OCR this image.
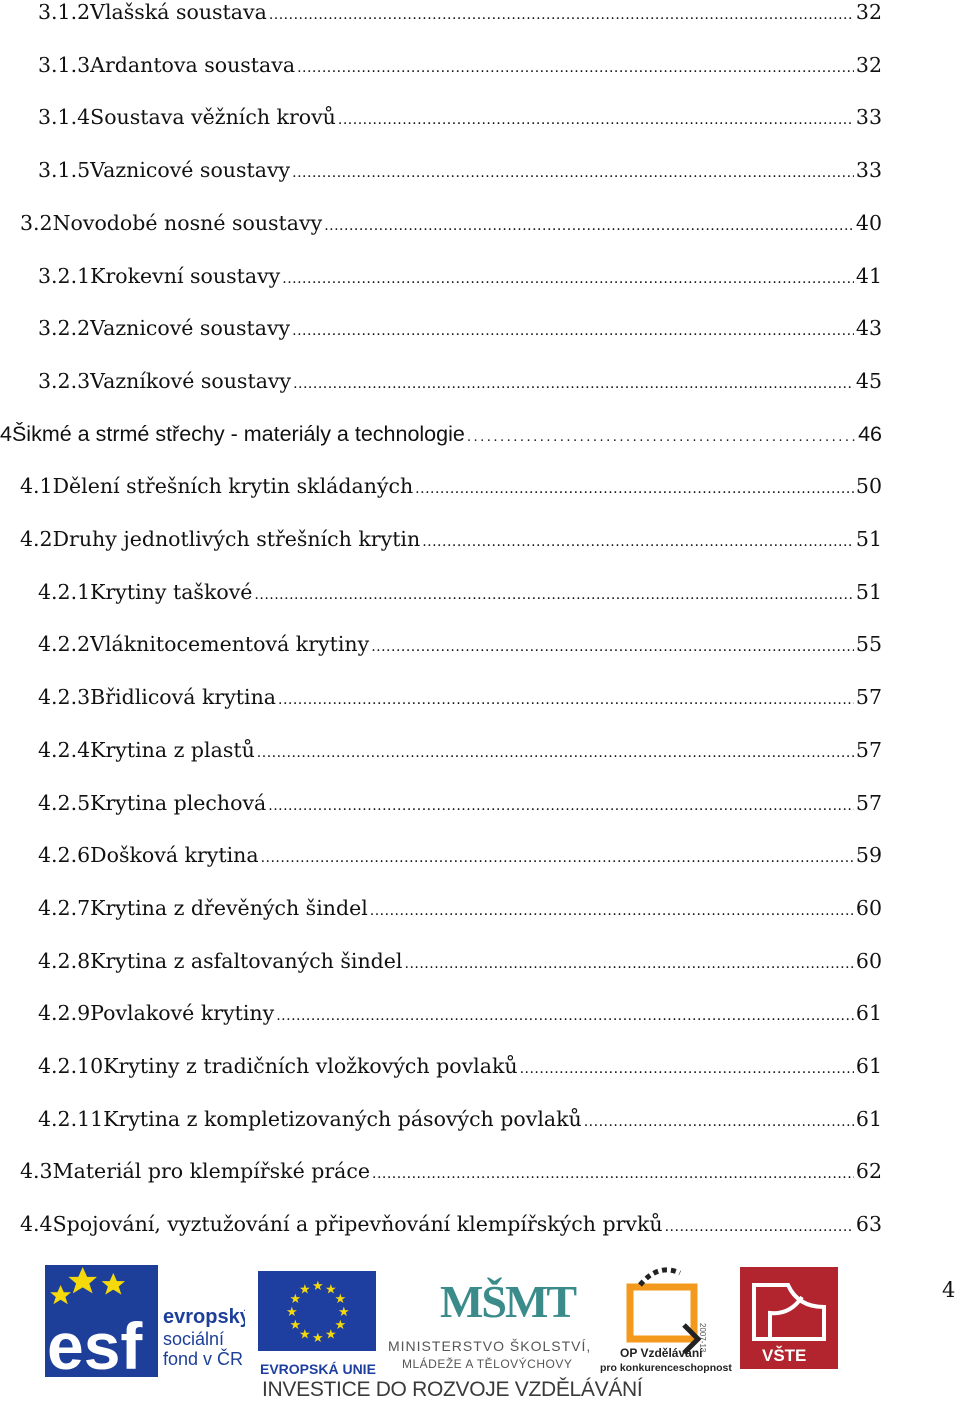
3.1.2 Vlašská soustava .....	32
3.1.3 Ardantova soustava .....	32
3.1.4 Soustava věžních krovů .....	33
3.1.5 Vaznicové soustavy .....	33
3.2 Novodobé nosné soustavy .....	40
3.2.1 Krokevní soustavy .....	41
3.2.2 Vaznicové soustavy .....	43
3.2.3 Vazníkové soustavy .....	45
4 Šikmé a strmé střechy - materiály a technologie .....	46
4.1 Dělení střešních krytin skládaných .....	50
4.2 Druhy jednotlivých střešních krytin .....	51
4.2.1 Krytiny taškové .....	51
4.2.2 Vláknitocementová krytiny .....	55
4.2.3 Břidlicová krytina .....	57
4.2.4 Krytina z plastů .....	57
4.2.5 Krytina plechová .....	57
4.2.6 Došková krytina .....	59
4.2.7 Krytina z dřevěných šindel .....	60
4.2.8 Krytina z asfaltovaných šindel .....	60
4.2.9 Povlakové krytiny .....	61
4.2.10 Krytiny z tradičních vložkových povlaků .....	61
4.2.11 Krytina z kompletizovaných pásových povlaků .....	61
4.3 Materiál pro klempířské práce .....	62
4.4 Spojování, vyztužování a připevňování klempířských prvků .....	63
4
esf evropský
sociální
fond v ČR EVROPSKÁ UNIE
★ ★
★
★
★
★
★
★
★
★
★
★	MŠMT
MINISTERSTVO ŠKOLSTVÍ,
MLÁDEŽE A TĚLOVÝCHOVY
2007-13
OP Vzdělávání
pro konkurenceschopnost
VŠTE
INVESTICE DO ROZVOJE VZDĚLÁVÁNÍ
